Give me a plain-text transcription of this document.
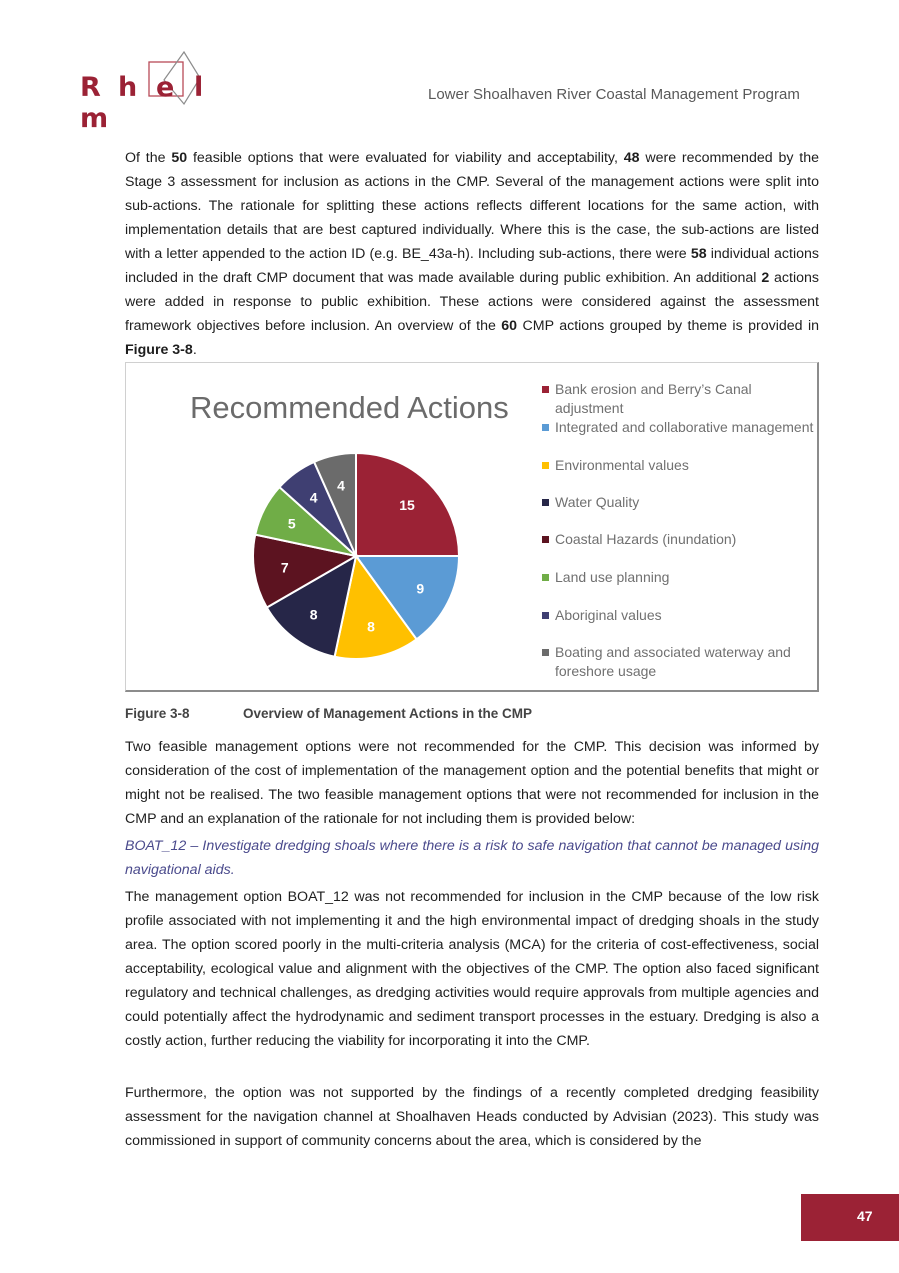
R h e lm
Lower Shoalhaven River Coastal Management Program
Of the 50 feasible options that were evaluated for viability and acceptability, 48 were recommended by the Stage 3 assessment for inclusion as actions in the CMP. Several of the management actions were split into sub-actions. The rationale for splitting these actions reflects different locations for the same action, with implementation details that are best captured individually. Where this is the case, the sub-actions are listed with a letter appended to the action ID (e.g. BE_43a-h). Including sub-actions, there were 58 individual actions included in the draft CMP document that was made available during public exhibition. An additional 2 actions were added in response to public exhibition. These actions were considered against the assessment framework objectives before inclusion. An overview of the 60 CMP actions grouped by theme is provided in Figure 3-8.
Recommended Actions
15
9
8
8
7
5
4
4
Bank erosion and Berry’s Canal adjustment
Integrated and collaborative management
Environmental values
Water Quality
Coastal Hazards (inundation)
Land use planning
Aboriginal values
Boating and associated waterway and foreshore usage
Figure 3-8	Overview of Management Actions in the CMP
Two feasible management options were not recommended for the CMP. This decision was informed by consideration of the cost of implementation of the management option and the potential benefits that might or might not be realised. The two feasible management options that were not recommended for inclusion in the CMP and an explanation of the rationale for not including them is provided below:
BOAT_12 – Investigate dredging shoals where there is a risk to safe navigation that cannot be managed using navigational aids.
The management option BOAT_12 was not recommended for inclusion in the CMP because of the low risk profile associated with not implementing it and the high environmental impact of dredging shoals in the study area. The option scored poorly in the multi-criteria analysis (MCA) for the criteria of cost-effectiveness, social acceptability, ecological value and alignment with the objectives of the CMP. The option also faced significant regulatory and technical challenges, as dredging activities would require approvals from multiple agencies and could potentially affect the hydrodynamic and sediment transport processes in the estuary. Dredging is also a costly action, further reducing the viability for incorporating it into the CMP.
Furthermore, the option was not supported by the findings of a recently completed dredging feasibility assessment for the navigation channel at Shoalhaven Heads conducted by Advisian (2023). This study was commissioned in support of community concerns about the area, which is considered by the
47
